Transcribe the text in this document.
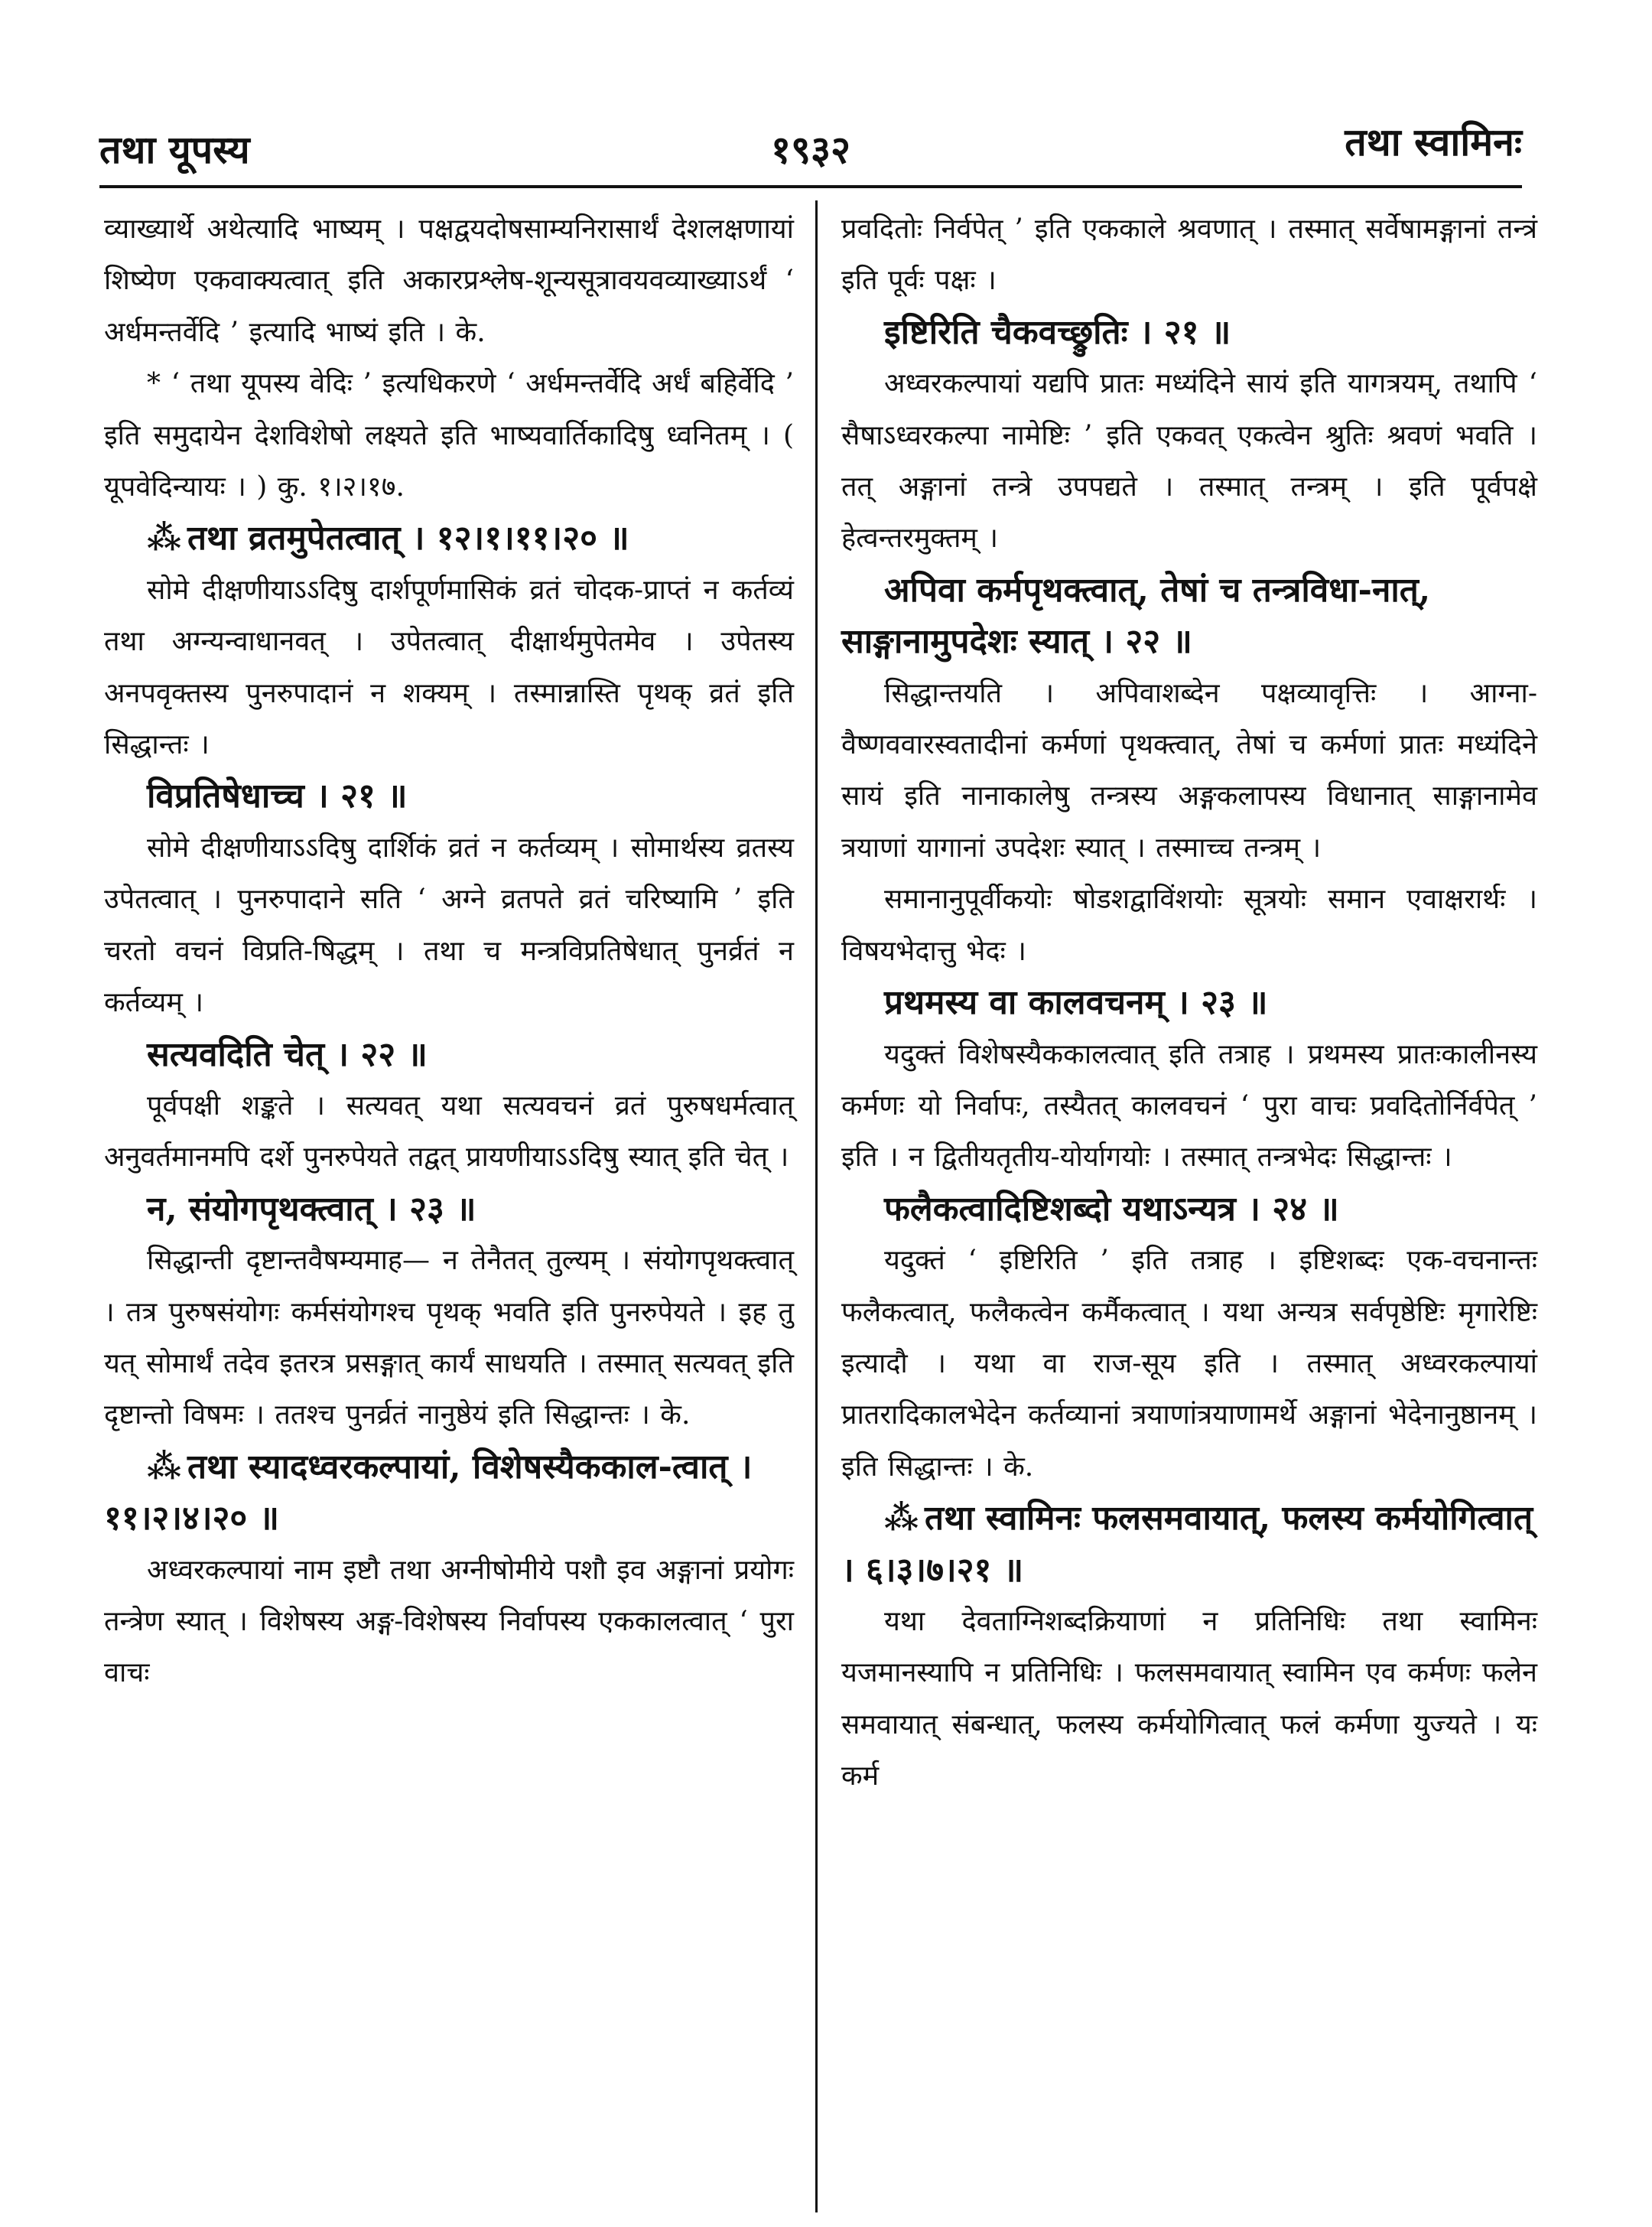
तथा यूपस्य	१९३२	तथा स्वामिनः

व्याख्यार्थे अथेत्यादि भाष्यम् । पक्षद्वयदोषसाम्यनिरासार्थं देशलक्षणायां शिष्येण एकवाक्यत्वात् इति अकारप्रश्लेष-शून्यसूत्रावयवव्याख्याऽर्थं ‘ अर्धमन्तर्वेदि ’ इत्यादि भाष्यं इति । के.

* ‘ तथा यूपस्य वेदिः ’ इत्यधिकरणे ‘ अर्धमन्तर्वेदि अर्धं बहिर्वेदि ’ इति समुदायेन देशविशेषो लक्ष्यते इति भाष्यवार्तिकादिषु ध्वनितम् । ( यूपवेदिन्यायः । ) कु. १।२।१७.

⁂ तथा व्रतमुपेतत्वात् । १२।१।११।२० ॥

सोमे दीक्षणीयाऽऽदिषु दार्शपूर्णमासिकं व्रतं चोदक-प्राप्तं न कर्तव्यं तथा अग्न्यन्वाधानवत् । उपेतत्वात् दीक्षार्थमुपेतमेव । उपेतस्य अनपवृक्तस्य पुनरुपादानं न शक्यम् । तस्मान्नास्ति पृथक् व्रतं इति सिद्धान्तः ।

विप्रतिषेधाच्च । २१ ॥

सोमे दीक्षणीयाऽऽदिषु दार्शिकं व्रतं न कर्तव्यम् । सोमार्थस्य व्रतस्य उपेतत्वात् । पुनरुपादाने सति ‘ अग्ने व्रतपते व्रतं चरिष्यामि ’ इति चरतो वचनं विप्रति-षिद्धम् । तथा च मन्त्रविप्रतिषेधात् पुनर्व्रतं न कर्तव्यम् ।

सत्यवदिति चेत् । २२ ॥

पूर्वपक्षी शङ्कते । सत्यवत् यथा सत्यवचनं व्रतं पुरुषधर्मत्वात् अनुवर्तमानमपि दर्शे पुनरुपेयते तद्वत् प्रायणीयाऽऽदिषु स्यात् इति चेत् ।

न, संयोगपृथक्त्वात् । २३ ॥

सिद्धान्ती दृष्टान्तवैषम्यमाह— न तेनैतत् तुल्यम् । संयोगपृथक्त्वात् । तत्र पुरुषसंयोगः कर्मसंयोगश्च पृथक् भवति इति पुनरुपेयते । इह तु यत् सोमार्थं तदेव इतरत्र प्रसङ्गात् कार्यं साधयति । तस्मात् सत्यवत् इति दृष्टान्तो विषमः । ततश्च पुनर्व्रतं नानुष्ठेयं इति सिद्धान्तः । के.

⁂ तथा स्यादध्वरकल्पायां, विशेषस्यैककाल-त्वात् । ११।२।४।२० ॥

अध्वरकल्पायां नाम इष्टौ तथा अग्नीषोमीये पशौ इव अङ्गानां प्रयोगः तन्त्रेण स्यात् । विशेषस्य अङ्ग-विशेषस्य निर्वापस्य एककालत्वात् ‘ पुरा वाचः

प्रवदितोः निर्वपेत् ’ इति एककाले श्रवणात् । तस्मात् सर्वेषामङ्गानां तन्त्रं इति पूर्वः पक्षः ।

इष्टिरिति चैकवच्छ्रुतिः । २१ ॥

अध्वरकल्पायां यद्यपि प्रातः मध्यंदिने सायं इति यागत्रयम्, तथापि ‘ सैषाऽध्वरकल्पा नामेष्टिः ’ इति एकवत् एकत्वेन श्रुतिः श्रवणं भवति । तत् अङ्गानां तन्त्रे उपपद्यते । तस्मात् तन्त्रम् । इति पूर्वपक्षे हेत्वन्तरमुक्तम् ।

अपिवा कर्मपृथक्त्वात्, तेषां च तन्त्रविधा-नात्, साङ्गानामुपदेशः स्यात् । २२ ॥

सिद्धान्तयति । अपिवाशब्देन पक्षव्यावृत्तिः । आग्ना-वैष्णववारस्वतादीनां कर्मणां पृथक्त्वात्, तेषां च कर्मणां प्रातः मध्यंदिने सायं इति नानाकालेषु तन्त्रस्य अङ्गकलापस्य विधानात् साङ्गानामेव त्रयाणां यागानां उपदेशः स्यात् । तस्माच्च तन्त्रम् ।

समानानुपूर्वीकयोः षोडशद्वाविंशयोः सूत्रयोः समान एवाक्षरार्थः । विषयभेदात्तु भेदः ।

प्रथमस्य वा कालवचनम् । २३ ॥

यदुक्तं विशेषस्यैककालत्वात् इति तत्राह । प्रथमस्य प्रातःकालीनस्य कर्मणः यो निर्वापः, तस्यैतत् कालवचनं ‘ पुरा वाचः प्रवदितोर्निर्वपेत् ’ इति । न द्वितीयतृतीय-योर्यागयोः । तस्मात् तन्त्रभेदः सिद्धान्तः ।

फलैकत्वादिष्टिशब्दो यथाऽन्यत्र । २४ ॥

यदुक्तं ‘ इष्टिरिति ’ इति तत्राह । इष्टिशब्दः एक-वचनान्तः फलैकत्वात्, फलैकत्वेन कर्मैकत्वात् । यथा अन्यत्र सर्वपृष्ठेष्टिः मृगारेष्टिः इत्यादौ । यथा वा राज-सूय इति । तस्मात् अध्वरकल्पायां प्रातरादिकालभेदेन कर्तव्यानां त्रयाणांत्रयाणामर्थे अङ्गानां भेदेनानुष्ठानम् । इति सिद्धान्तः । के.

⁂ तथा स्वामिनः फलसमवायात्, फलस्य कर्मयोगित्वात् । ६।३।७।२१ ॥

यथा देवताग्निशब्दक्रियाणां न प्रतिनिधिः तथा स्वामिनः यजमानस्यापि न प्रतिनिधिः । फलसमवायात् स्वामिन एव कर्मणः फलेन समवायात् संबन्धात्, फलस्य कर्मयोगित्वात् फलं कर्मणा युज्यते । यः कर्म
